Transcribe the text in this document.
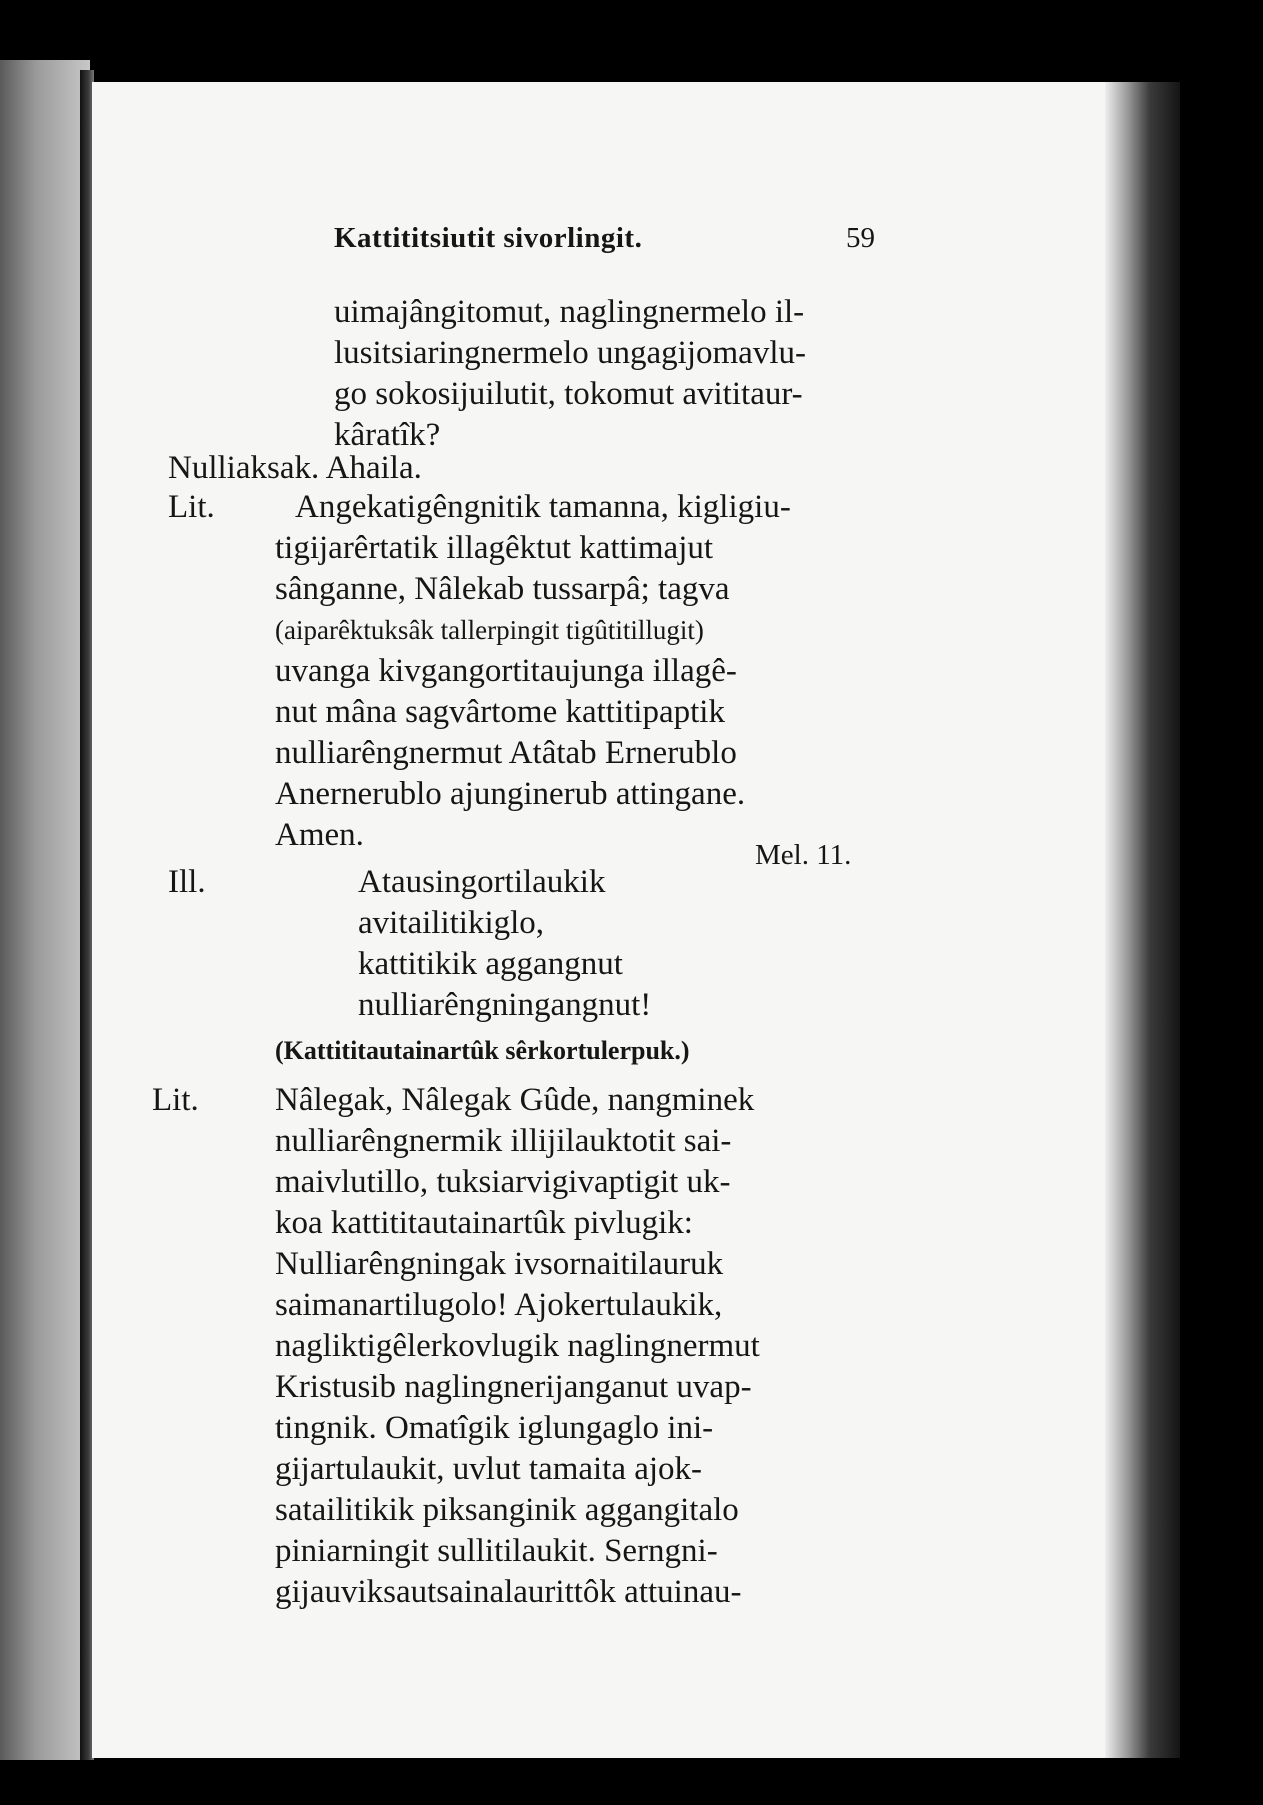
Kattititsiutit sivorlingit.	59

uimajângitomut, naglingnermelo il-
lusitsiaringnermelo ungagijomavlu-
go sokosijuilutit, tokomut avititaur-
kâratîk?

Nulliaksak. Ahaila.

Lit.	Angekatigêngnitik tamanna, kigligiu-
tigijarêrtatik illagêktut kattimajut
sânganne, Nâlekab tussarpâ; tagva
(aiparêktuksâk tallerpingit tigûtitillugit)
uvanga kivgangortitaujunga illagê-
nut mâna sagvârtome kattitipaptik
nulliarêngnermut Atâtab Ernerublo
Anernerublo ajunginerub attingane.
Amen.

Mel. 11.

Ill.	Atausingortilaukik
avitailitikiglo,
kattitikik aggangnut
nulliarêngningangnut!

(Kattititautainartûk sêrkortulerpuk.)

Lit. Nâlegak, Nâlegak Gûde, nangminek
nulliarêngnermik illijilauktotit sai-
maivlutillo, tuksiarvigivaptigit uk-
koa kattititautainartûk pivlugik:
Nulliarêngningak ivsornaitilauruk
saimanartilugolo! Ajokertulaukik,
nagliktigêlerkovlugik naglingnermut
Kristusib naglingnerijanganut uvap-
tingnik. Omatîgik iglungaglo ini-
gijartulaukit, uvlut tamaita ajok-
satailitikik piksanginik aggangitalo
piniarningit sullitilaukit. Serngni-
gijauviksautsainalaurittôk attuinau-
